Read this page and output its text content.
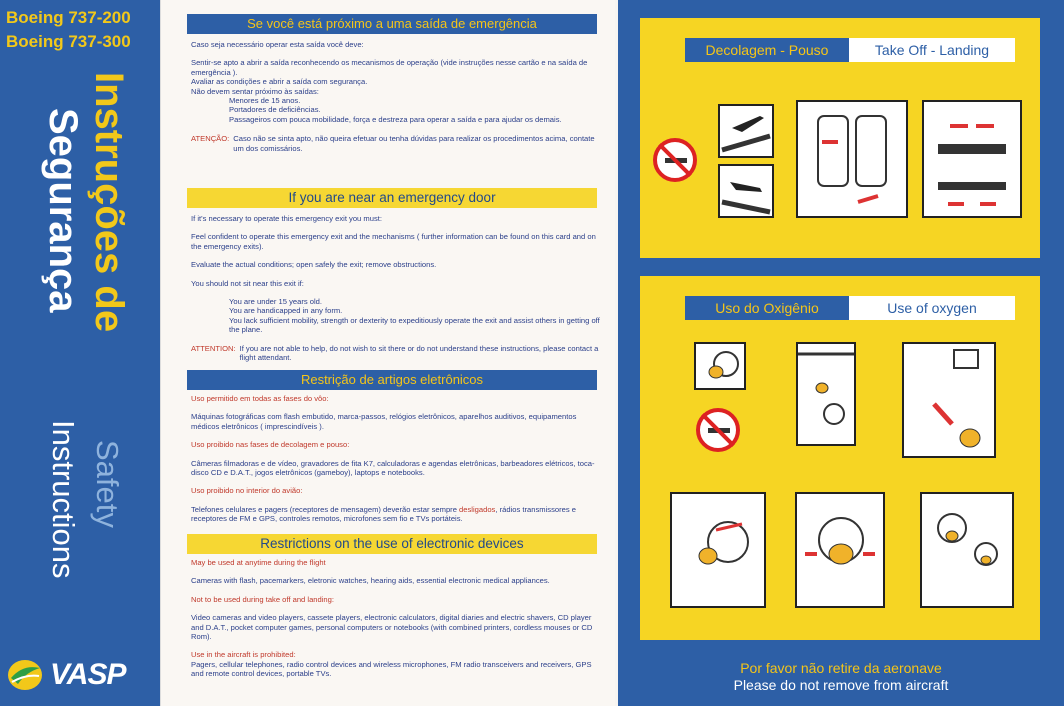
Boeing 737-200
Boeing 737-300
Instruções de
Segurança
Safety
Instructions
VASP
Se você está próximo a uma saída de emergência
Caso seja necessário operar esta saída você deve:
Sentir-se apto a abrir a saída reconhecendo os mecanismos de operação (vide instruções nesse cartão e na saída de emergência ).
Avaliar as condições e abrir a saída com segurança.
Não devem sentar próximo às saídas:
Menores de 15 anos.
Portadores de deficiências.
Passageiros com pouca mobilidade, força e destreza para operar a saída e para ajudar os demais.
ATENÇÃO: Caso não se sinta apto, não queira efetuar ou tenha dúvidas para realizar os procedimentos acima, contate um dos comissários.
If you are near an emergency door
If it's necessary to operate this emergency exit you must:
Feel confident to operate this emergency exit and the mechanisms ( further information can be found on this card and on the emergency exits).
Evaluate the actual conditions; open safely the exit; remove obstructions.
You should not sit near this exit if:
You are under 15 years old.
You are handicapped in any form.
You lack sufficient mobility, strength or dexterity to expeditiously operate the exit and assist others in getting off the plane.
ATTENTION: If you are not able to help, do not wish to sit there or do not understand these instructions, please contact a flight attendant.
Restrição de artigos eletrônicos
Uso permitido em todas as fases do vôo:
Máquinas fotográficas com flash embutido, marca-passos, relógios eletrônicos, aparelhos auditivos, equipamentos médicos eletrônicos ( imprescindíveis ).
Uso proibido nas fases de decolagem e pouso:
Câmeras filmadoras e de vídeo, gravadores de fita K7, calculadoras e agendas eletrônicas, barbeadores elétricos, toca-disco CD e D.A.T., jogos eletrônicos (gameboy), laptops e notebooks.
Uso proibido no interior do avião:
Telefones celulares e pagers (receptores de mensagem) deverão estar sempre desligados, rádios transmissores e receptores de FM e GPS, controles remotos, microfones sem fio e TVs portáteis.
Restrictions on the use of electronic devices
May be used at anytime during the flight
Cameras with flash, pacemarkers, eletronic watches, hearing aids, essential electronic medical appliances.
Not to be used during take off and landing:
Video cameras and video players, cassete players, electronic calculators, digital diaries and electric shavers, CD player and D.A.T., pocket computer games, personal computers or notebooks (with combined printers, cordless mouses or CD Rom).
Use in the aircraft is prohibited:
Pagers, cellular telephones, radio control devices and wireless microphones, FM radio transceivers and receivers, GPS and remote control devices, portable TVs.
Decolagem - Pouso	Take Off - Landing
Uso do Oxigênio	Use of oxygen
Por favor não retire da aeronave
Please do not remove from aircraft
